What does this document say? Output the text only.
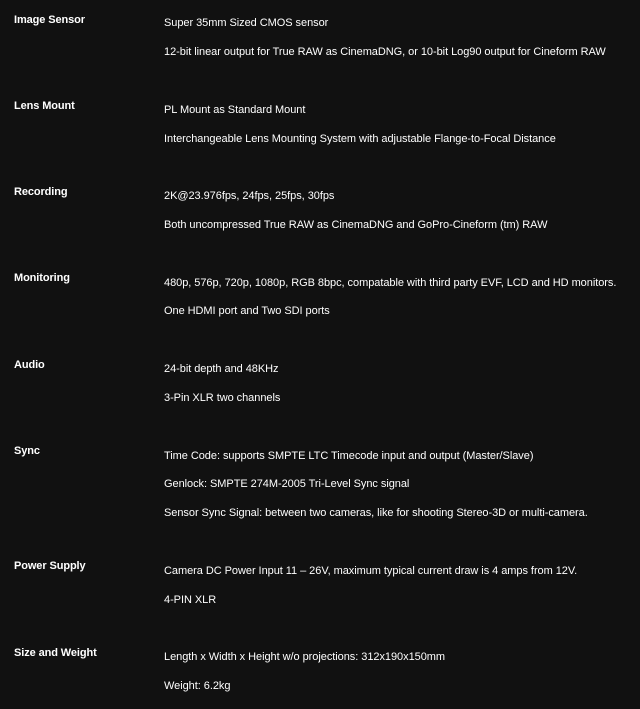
Image Sensor	Super 35mm Sized CMOS sensor
12-bit linear output for True RAW as CinemaDNG, or 10-bit Log90 output for Cineform RAW
Lens Mount	PL Mount as Standard Mount
Interchangeable Lens Mounting System with adjustable Flange-to-Focal Distance
Recording	2K@23.976fps, 24fps, 25fps, 30fps
Both uncompressed True RAW as CinemaDNG and GoPro-Cineform (tm) RAW
Monitoring	480p, 576p, 720p, 1080p, RGB 8bpc, compatable with third party EVF, LCD and HD monitors.
One HDMI port and Two SDI ports
Audio	24-bit depth and 48KHz
3-Pin XLR two channels
Sync	Time Code: supports SMPTE LTC Timecode input and output (Master/Slave)
Genlock: SMPTE 274M-2005 Tri-Level Sync signal
Sensor Sync Signal: between two cameras, like for shooting Stereo-3D or multi-camera.
Power Supply	Camera DC Power Input 11 – 26V, maximum typical current draw is 4 amps from 12V.
4-PIN XLR
Size and Weight	Length x Width x Height w/o projections: 312x190x150mm
Weight: 6.2kg
